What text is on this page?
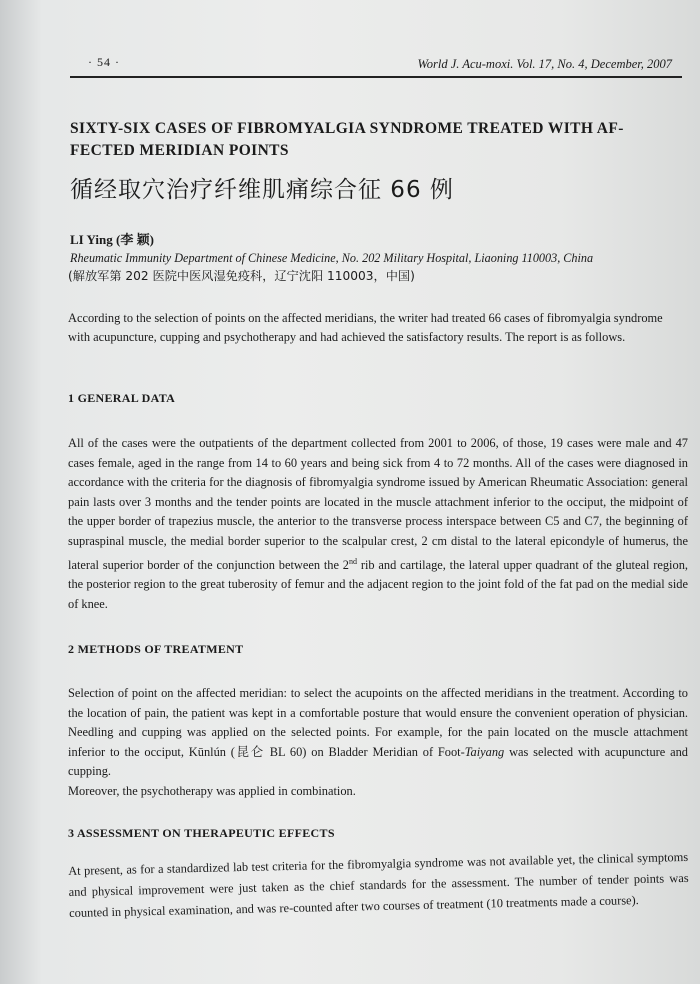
· 54 ·	World J. Acu-moxi. Vol. 17, No. 4, December, 2007
SIXTY-SIX CASES OF FIBROMYALGIA SYNDROME TREATED WITH AF-FECTED MERIDIAN POINTS
循经取穴治疗纤维肌痛综合征 66 例
LI Ying (李 颖)
Rheumatic Immunity Department of Chinese Medicine, No. 202 Military Hospital, Liaoning 110003, China
(解放军第 202 医院中医风湿免疫科，辽宁沈阳 110003，中国)

According to the selection of points on the affected meridians, the writer had treated 66 cases of fibromyalgia syndrome with acupuncture, cupping and psychotherapy and had achieved the satisfactory results. The report is as follows.

1 GENERAL DATA

All of the cases were the outpatients of the department collected from 2001 to 2006, of those, 19 cases were male and 47 cases female, aged in the range from 14 to 60 years and being sick from 4 to 72 months. All of the cases were diagnosed in accordance with the criteria for the diagnosis of fibromyalgia syndrome issued by American Rheumatic Association: general pain lasts over 3 months and the tender points are located in the muscle attachment inferior to the occiput, the midpoint of the upper border of trapezius muscle, the anterior to the transverse process interspace between C5 and C7, the beginning of supraspinal muscle, the medial border superior to the scalpular crest, 2 cm distal to the lateral epicondyle of humerus, the lateral superior border of the conjunction between the 2nd rib and cartilage, the lateral upper quadrant of the gluteal region, the posterior region to the great tuberosity of femur and the adjacent region to the joint fold of the fat pad on the medial side of knee.

2 METHODS OF TREATMENT

Selection of point on the affected meridian: to select the acupoints on the affected meridians in the treatment. According to the location of pain, the patient was kept in a comfortable posture that would ensure the convenient operation of physician. Needling and cupping was applied on the selected points. For example, for the pain located on the muscle attachment inferior to the occiput, Kūnlún (昆仑 BL 60) on Bladder Meridian of Foot-Taiyang was selected with acupuncture and cupping.
Moreover, the psychotherapy was applied in combination.

3 ASSESSMENT ON THERAPEUTIC EFFECTS

At present, as for a standardized lab test criteria for the fibromyalgia syndrome was not available yet, the clinical symptoms and physical improvement were just taken as the chief standards for the assessment. The number of tender points was counted in physical examination, and was re-counted after two courses of treatment (10 treatments made a course).
